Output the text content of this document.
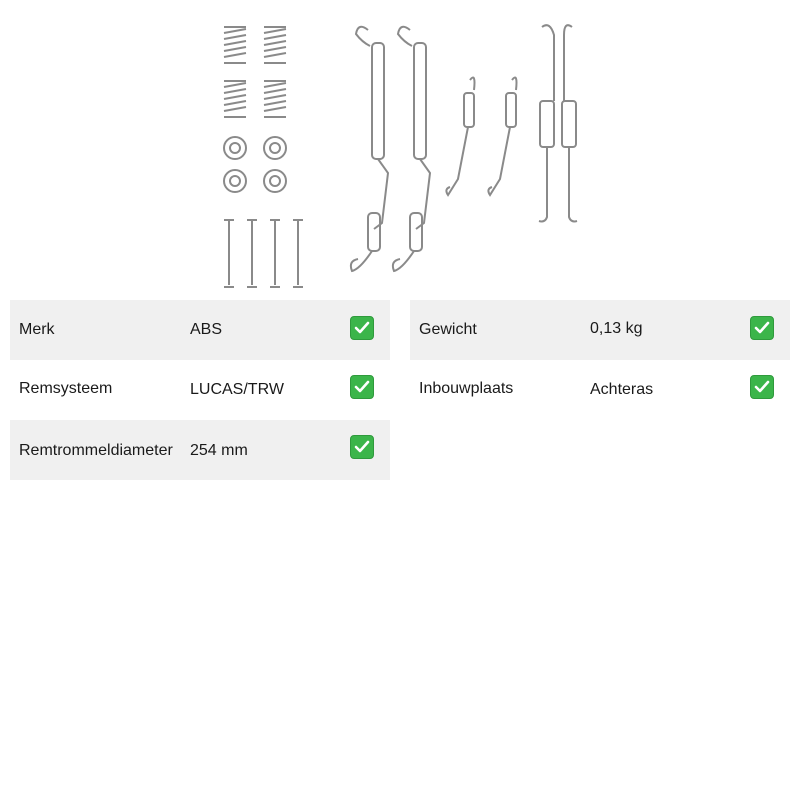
Merk	ABS
Remsysteem	LUCAS/TRW
Remtrommeldiameter 254 mm
Gewicht	0,13 kg
Inbouwplaats	Achteras
